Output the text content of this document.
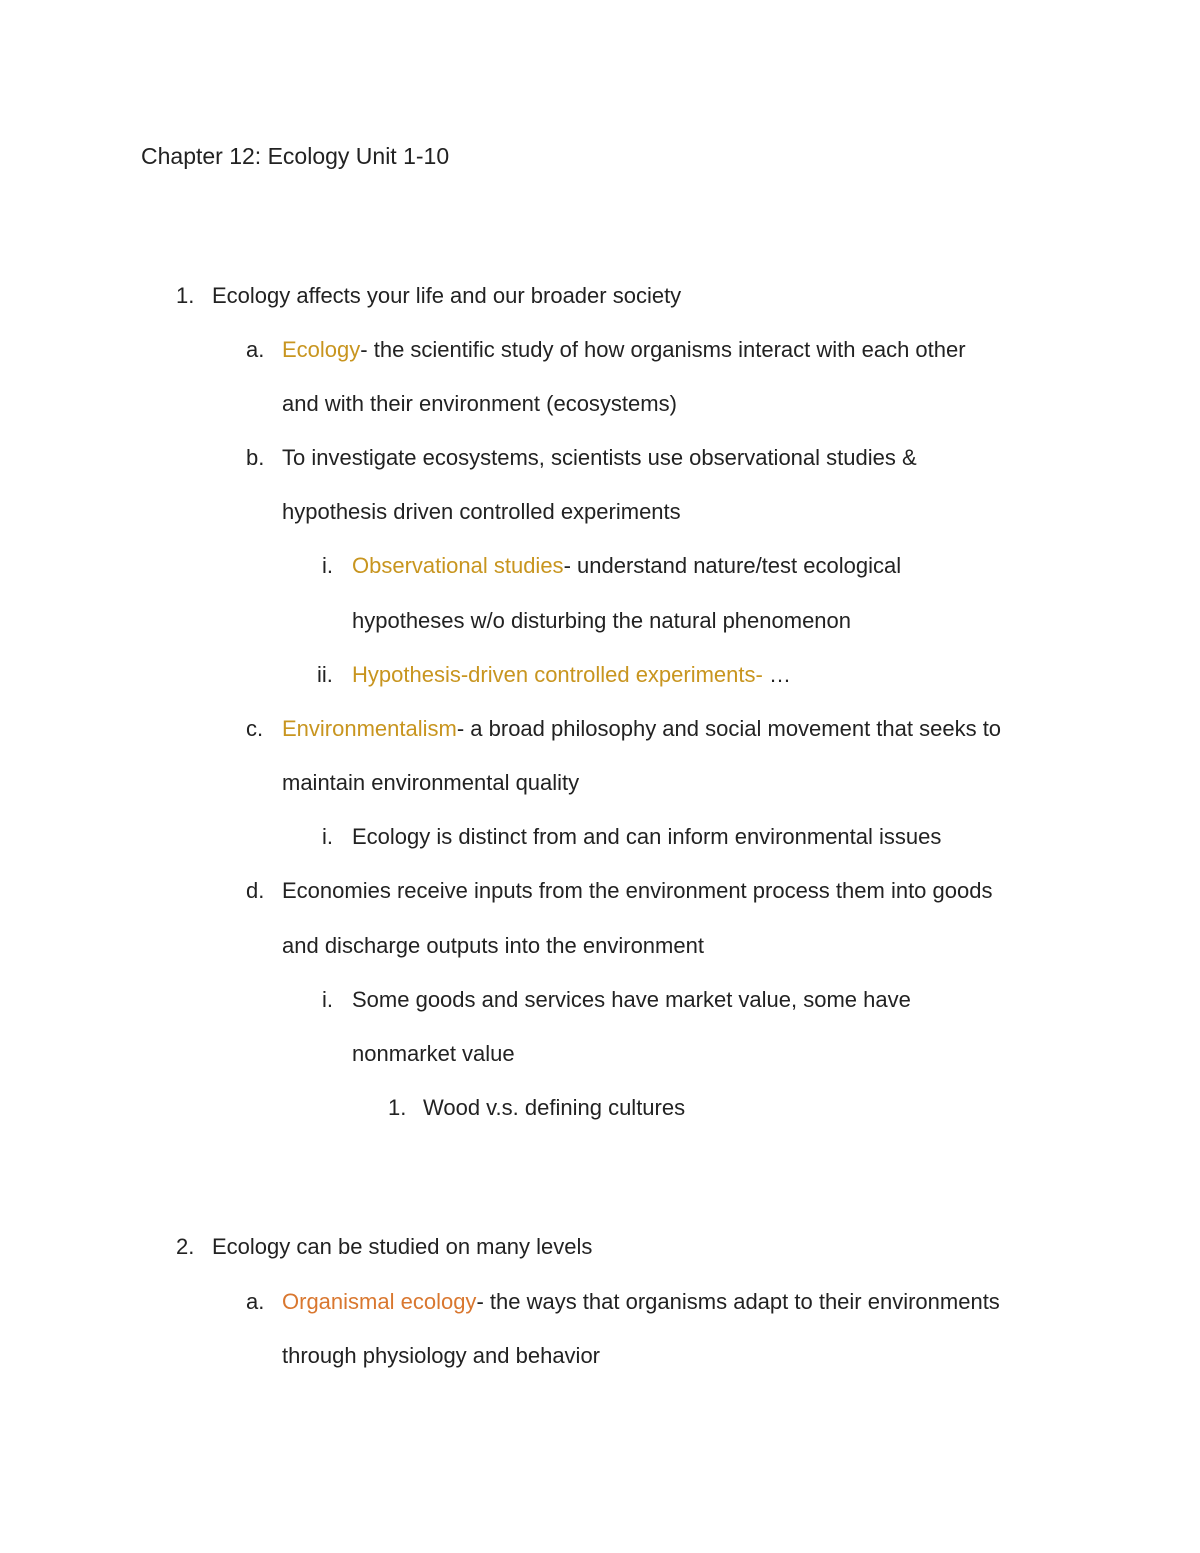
Chapter 12: Ecology Unit 1-10
1. Ecology affects your life and our broader society
a. Ecology- the scientific study of how organisms interact with each other
and with their environment (ecosystems)
b. To investigate ecosystems, scientists use observational studies &
hypothesis driven controlled experiments
i. Observational studies- understand nature/test ecological
hypotheses w/o disturbing the natural phenomenon
ii. Hypothesis-driven controlled experiments- …
c. Environmentalism- a broad philosophy and social movement that seeks to
maintain environmental quality
i. Ecology is distinct from and can inform environmental issues
d. Economies receive inputs from the environment process them into goods
and discharge outputs into the environment
i. Some goods and services have market value, some have
nonmarket value
1. Wood v.s. defining cultures
2. Ecology can be studied on many levels
a. Organismal ecology- the ways that organisms adapt to their environments
through physiology and behavior
